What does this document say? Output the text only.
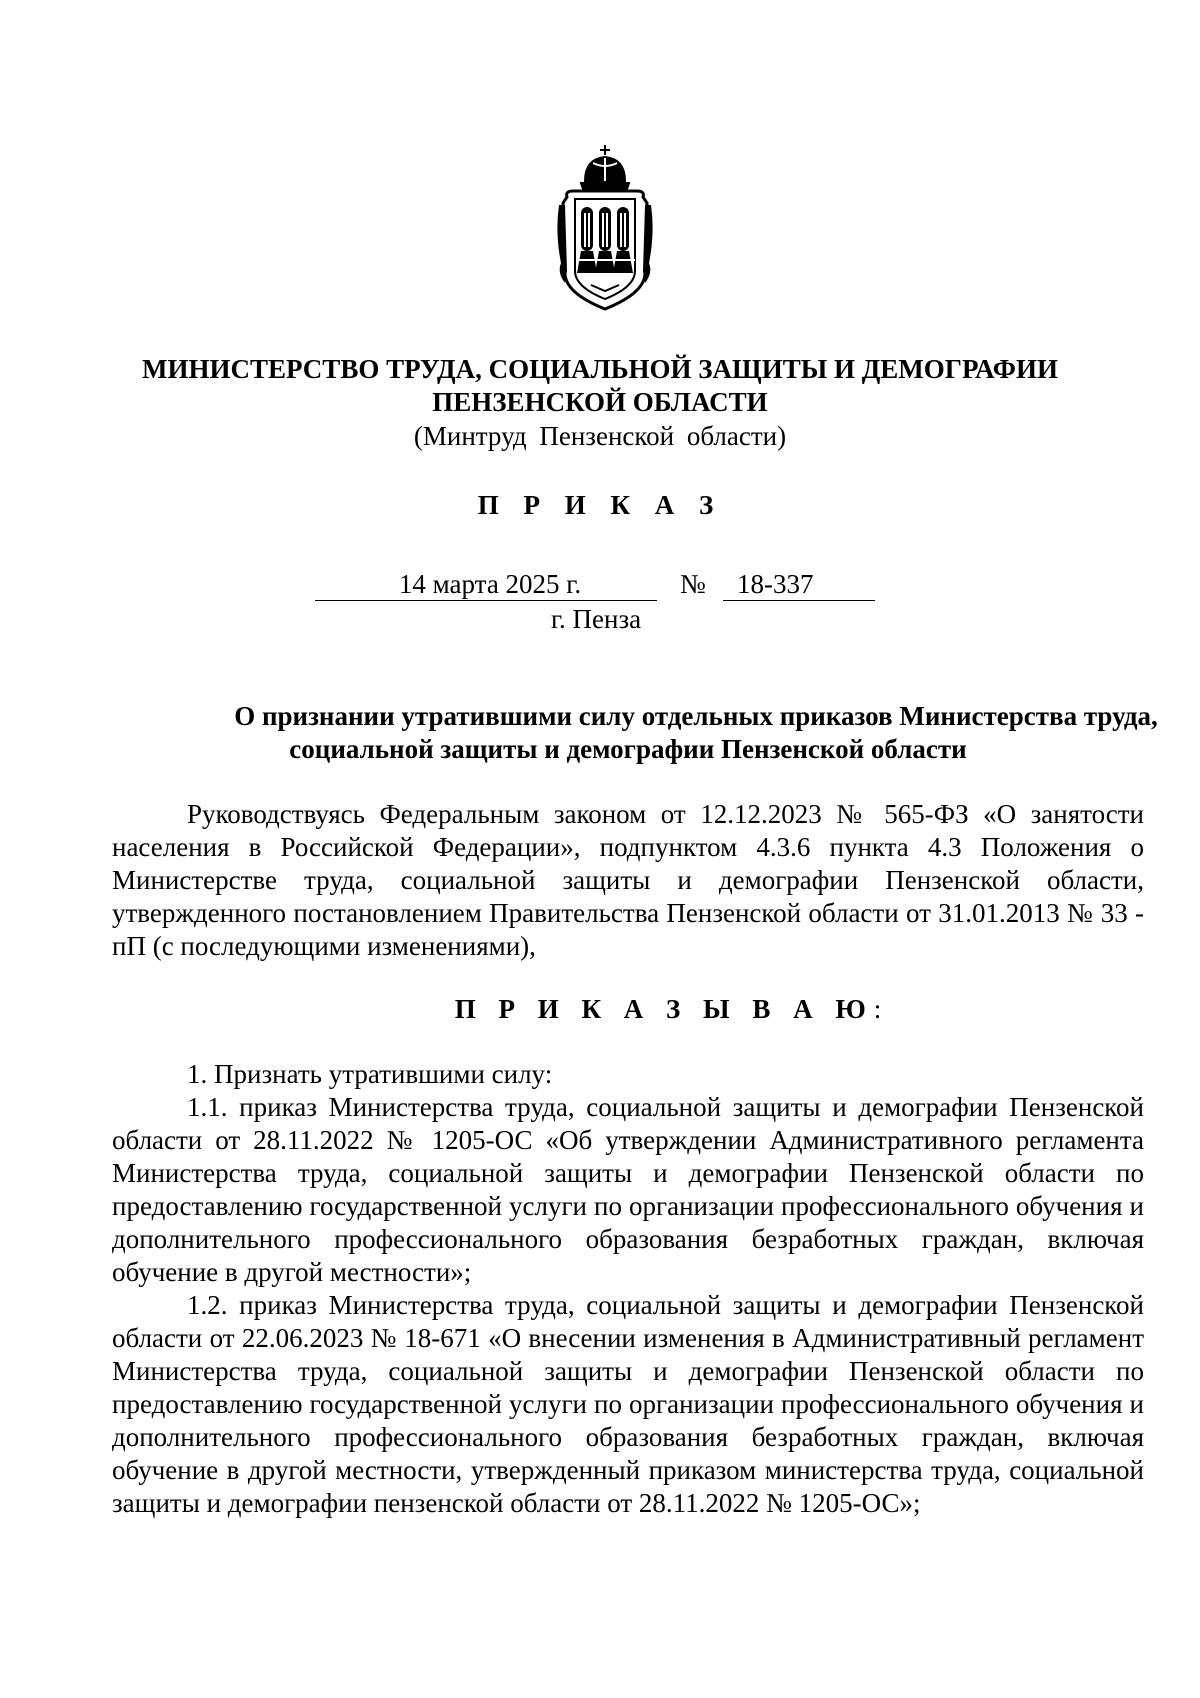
МИНИСТЕРСТВО ТРУДА, СОЦИАЛЬНОЙ ЗАЩИТЫ И ДЕМОГРАФИИ
ПЕНЗЕНСКОЙ ОБЛАСТИ
(Минтруд Пензенской области)
П Р И К А З
14 марта 2025 г.	№	18-337
г. Пенза
О признании утратившими силу отдельных приказов Министерства труда,
социальной защиты и демографии Пензенской области

Руководствуясь Федеральным законом от 12.12.2023 № 565-ФЗ «О занятости населения в Российской Федерации», подпунктом 4.3.6 пункта 4.3 Положения о Министерстве труда, социальной защиты и демографии Пензенской области, утвержденного постановлением Правительства Пензенской области от 31.01.2013 № 33 - пП (с последующими изменениями),

П Р И К А З Ы В А Ю:

1. Признать утратившими силу:

1.1. приказ Министерства труда, социальной защиты и демографии Пензенской области от 28.11.2022 № 1205-ОС «Об утверждении Административного регламента Министерства труда, социальной защиты и демографии Пензенской области по предоставлению государственной услуги по организации профессионального обучения и дополнительного профессионального образования безработных граждан, включая обучение в другой местности»;

1.2. приказ Министерства труда, социальной защиты и демографии Пензенской области от 22.06.2023 № 18-671 «О внесении изменения в Административный регламент Министерства труда, социальной защиты и демографии Пензенской области по предоставлению государственной услуги по организации профессионального обучения и дополнительного профессионального образования безработных граждан, включая обучение в другой местности, утвержденный приказом министерства труда, социальной защиты и демографии пензенской области от 28.11.2022 № 1205-ОС»;
